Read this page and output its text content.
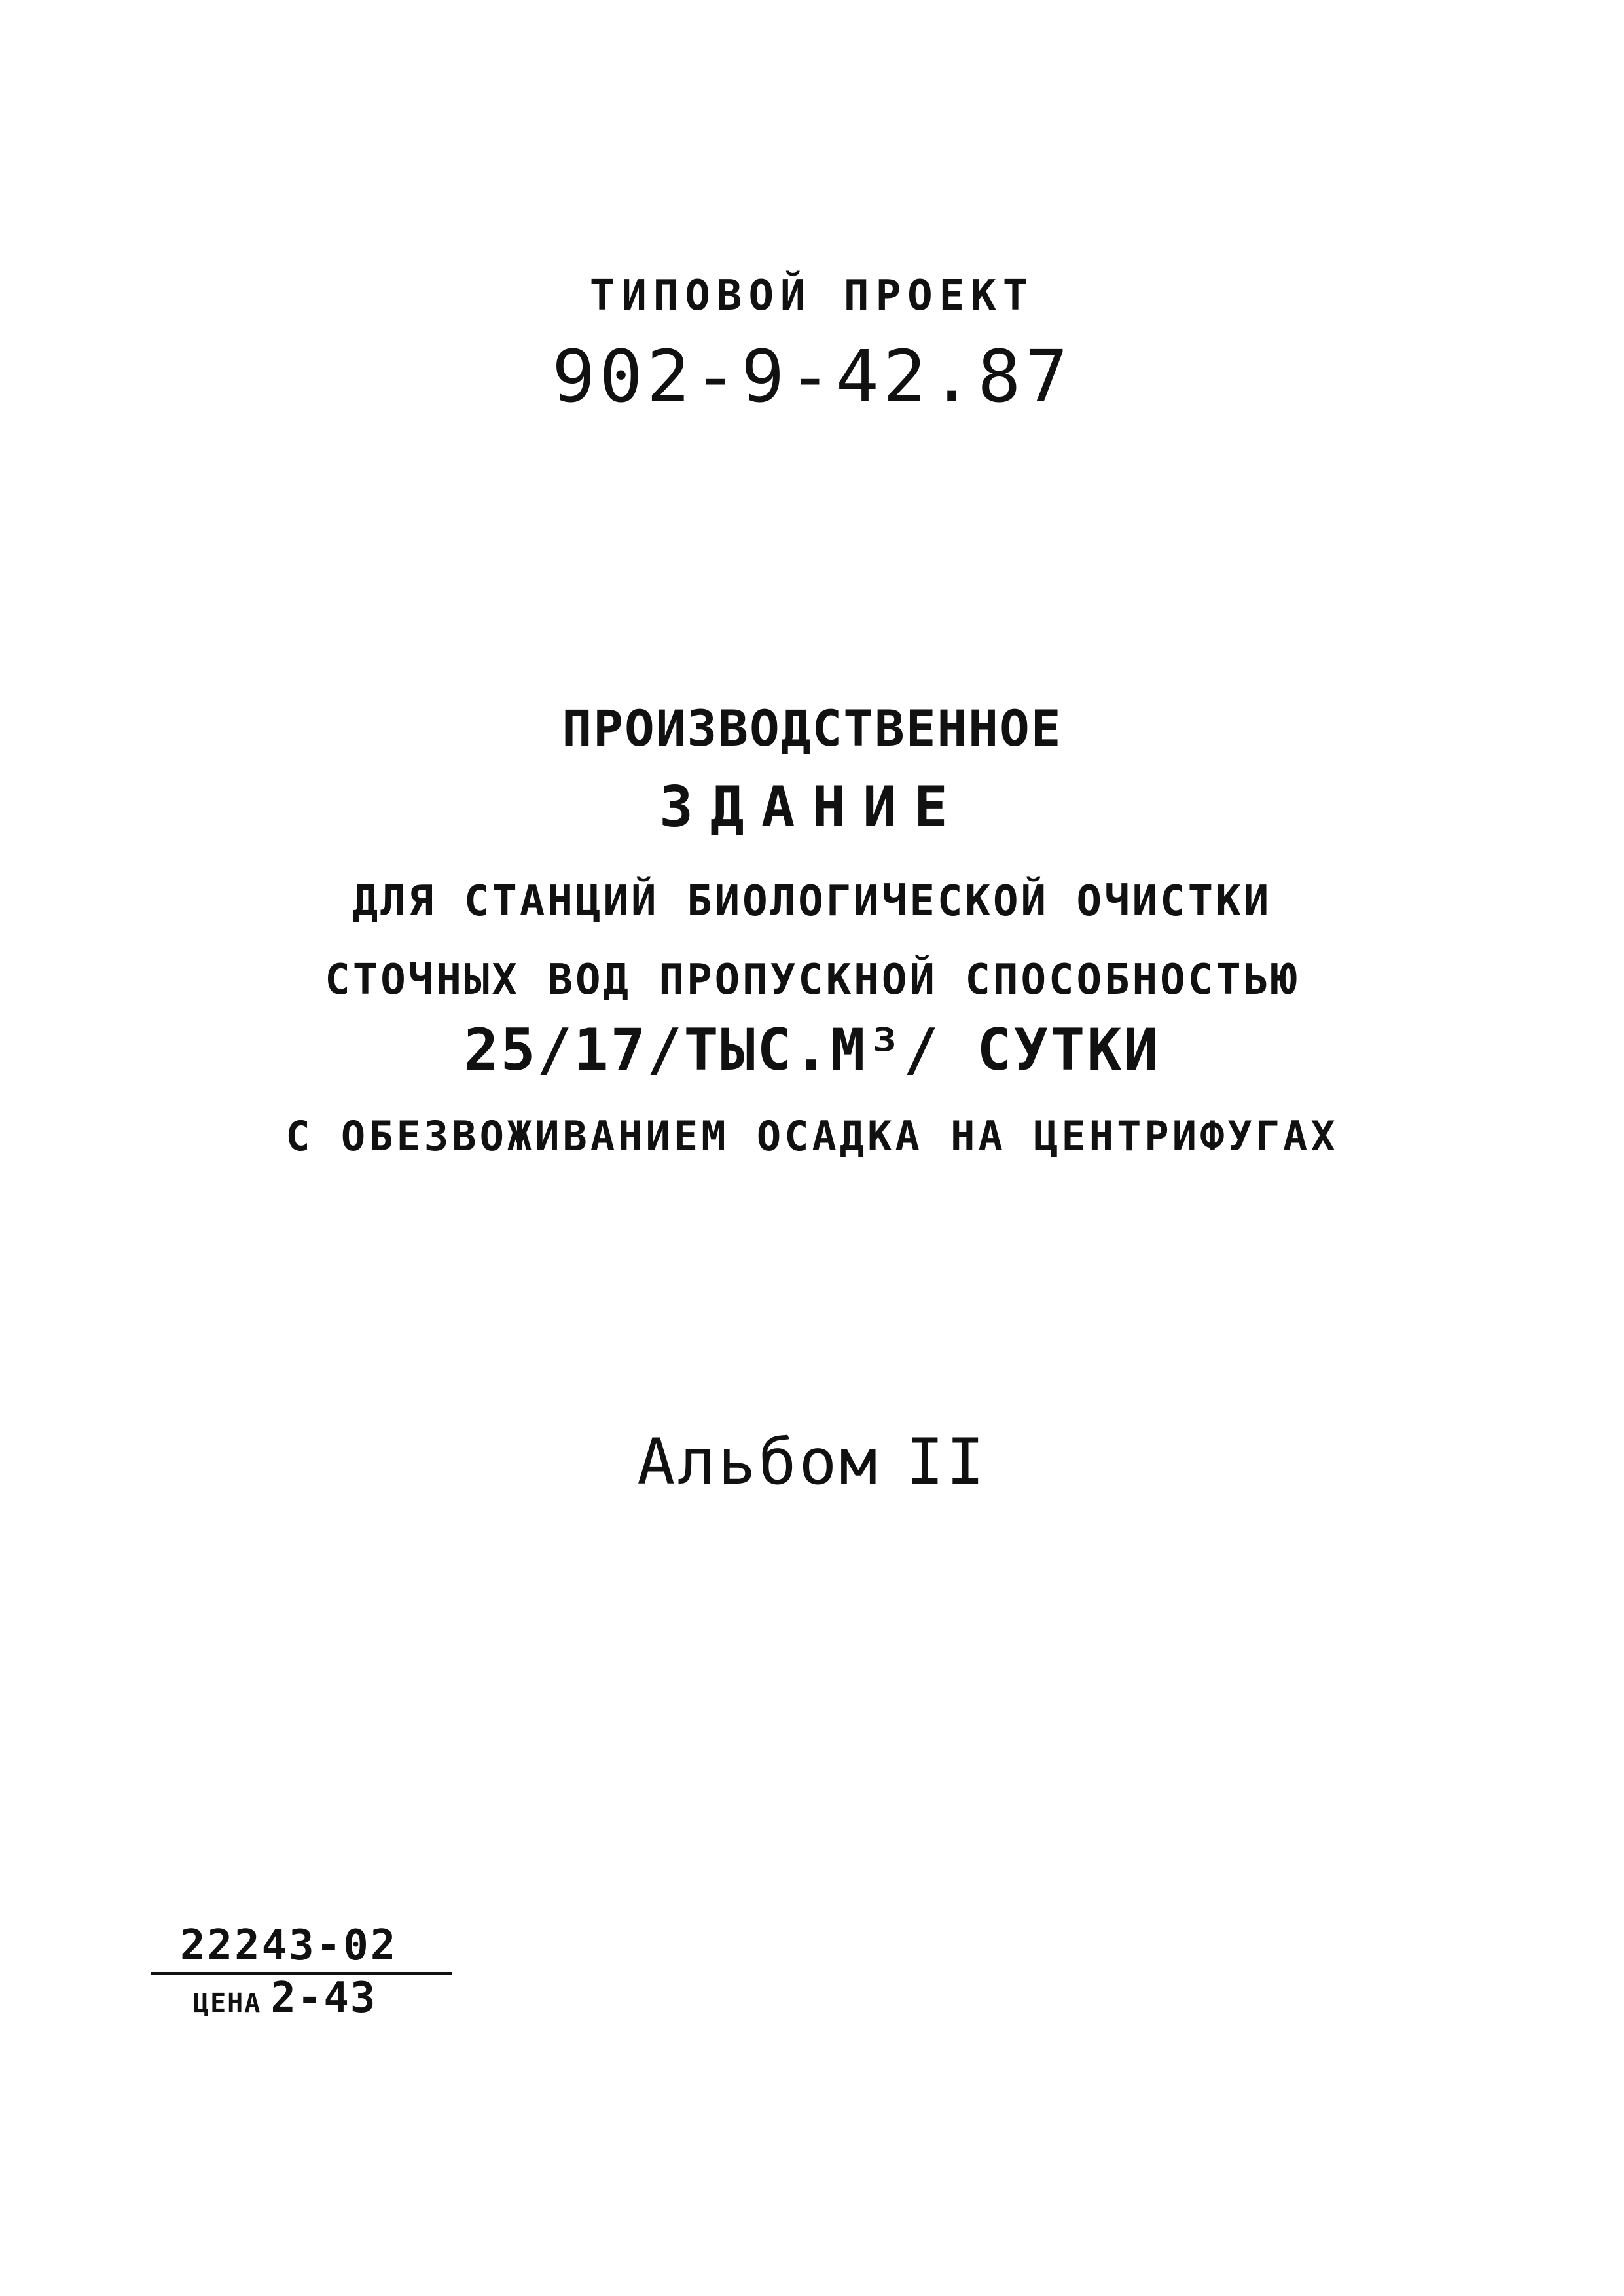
ТИПОВОЙ ПРОЕКТ
902-9-42.87
ПРОИЗВОДСТВЕННОЕ
ЗДАНИЕ
ДЛЯ СТАНЦИЙ БИОЛОГИЧЕСКОЙ ОЧИСТКИ
СТОЧНЫХ ВОД ПРОПУСКНОЙ СПОСОБНОСТЬЮ
25/17/ТЫС.М³/ СУТКИ
С ОБЕЗВОЖИВАНИЕМ ОСАДКА НА ЦЕНТРИФУГАХ
Альбом II
22243-02
ЦЕНА 2-43
